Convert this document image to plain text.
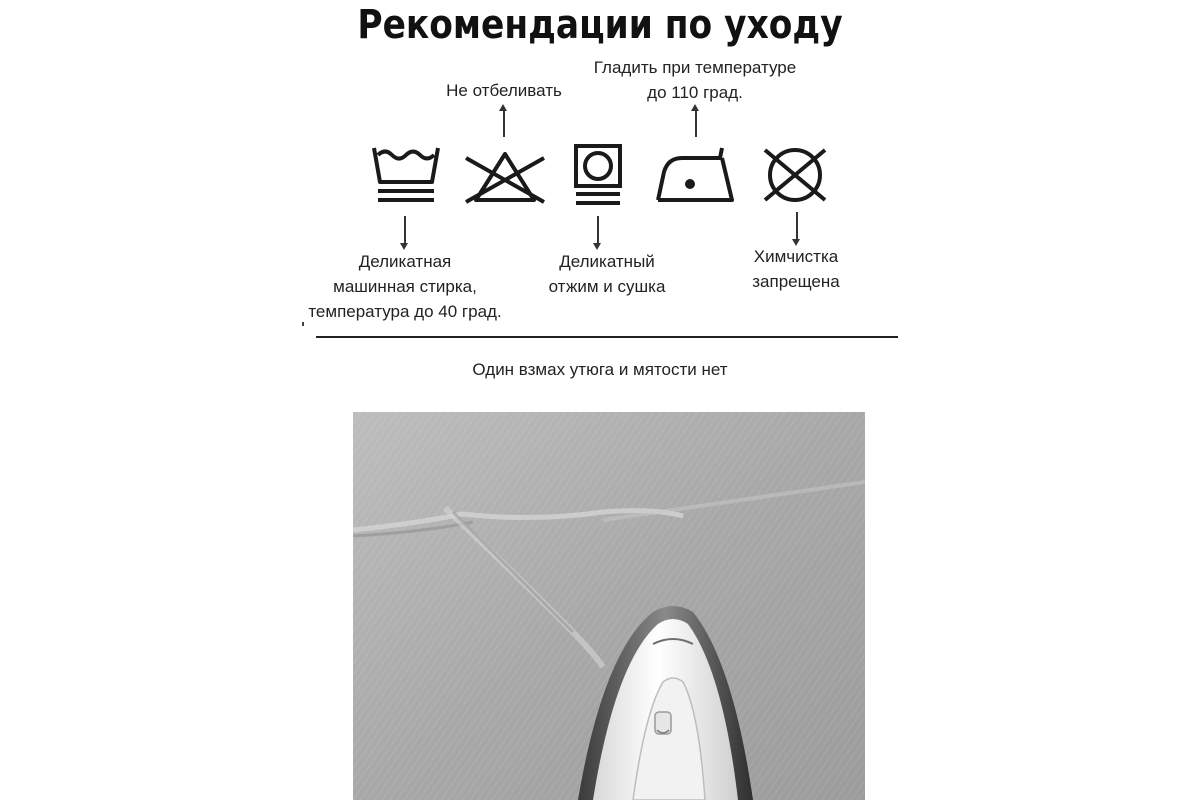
Рекомендации по уходу
Не отбеливать
Гладить при температуре
до 110 град.
Деликатная
машинная стирка,
температура до 40 град.
Деликатный
отжим и сушка
Химчистка
запрещена
Один взмах утюга и мятости нет
